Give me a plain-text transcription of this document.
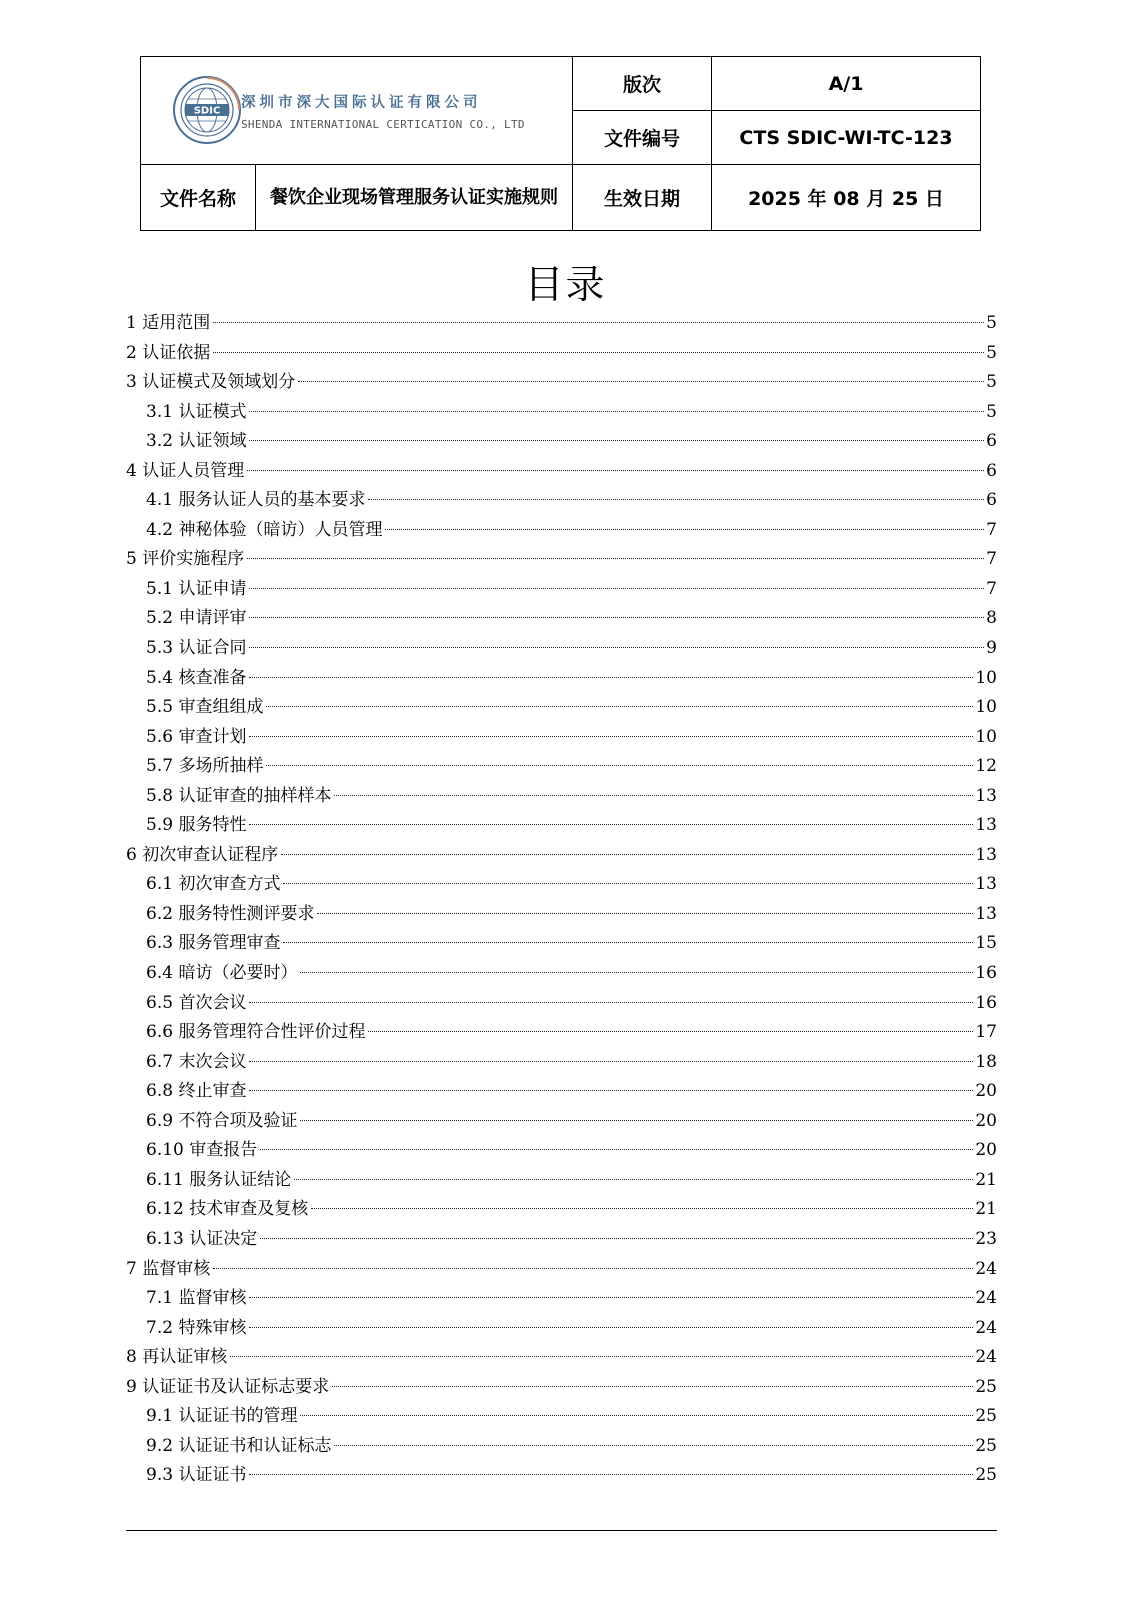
SDIC 深圳市深大国际认证有限公司
SHENDA INTERNATIONAL CERTICATION CO., LTD		版次	A/1
		文件编号	CTS SDIC-WI-TC-123
文件名称	餐饮企业现场管理服务认证实施规则	生效日期	2025 年 08 月 25 日
目录
1 适用范围	5
2 认证依据	5
3 认证模式及领域划分	5
3.1 认证模式	5
3.2 认证领域	6
4 认证人员管理	6
4.1 服务认证人员的基本要求	6
4.2 神秘体验（暗访）人员管理	7
5 评价实施程序	7
5.1 认证申请	7
5.2 申请评审	8
5.3 认证合同	9
5.4 核查准备	10
5.5 审查组组成	10
5.6 审查计划	10
5.7 多场所抽样	12
5.8 认证审查的抽样样本	13
5.9 服务特性	13
6 初次审查认证程序	13
6.1 初次审查方式	13
6.2 服务特性测评要求	13
6.3 服务管理审查	15
6.4 暗访（必要时）	16
6.5 首次会议	16
6.6 服务管理符合性评价过程	17
6.7 末次会议	18
6.8 终止审查	20
6.9 不符合项及验证	20
6.10 审查报告	20
6.11 服务认证结论	21
6.12 技术审查及复核	21
6.13 认证决定	23
7 监督审核	24
7.1 监督审核	24
7.2 特殊审核	24
8 再认证审核	24
9 认证证书及认证标志要求	25
9.1 认证证书的管理	25
9.2 认证证书和认证标志	25
9.3 认证证书	25
